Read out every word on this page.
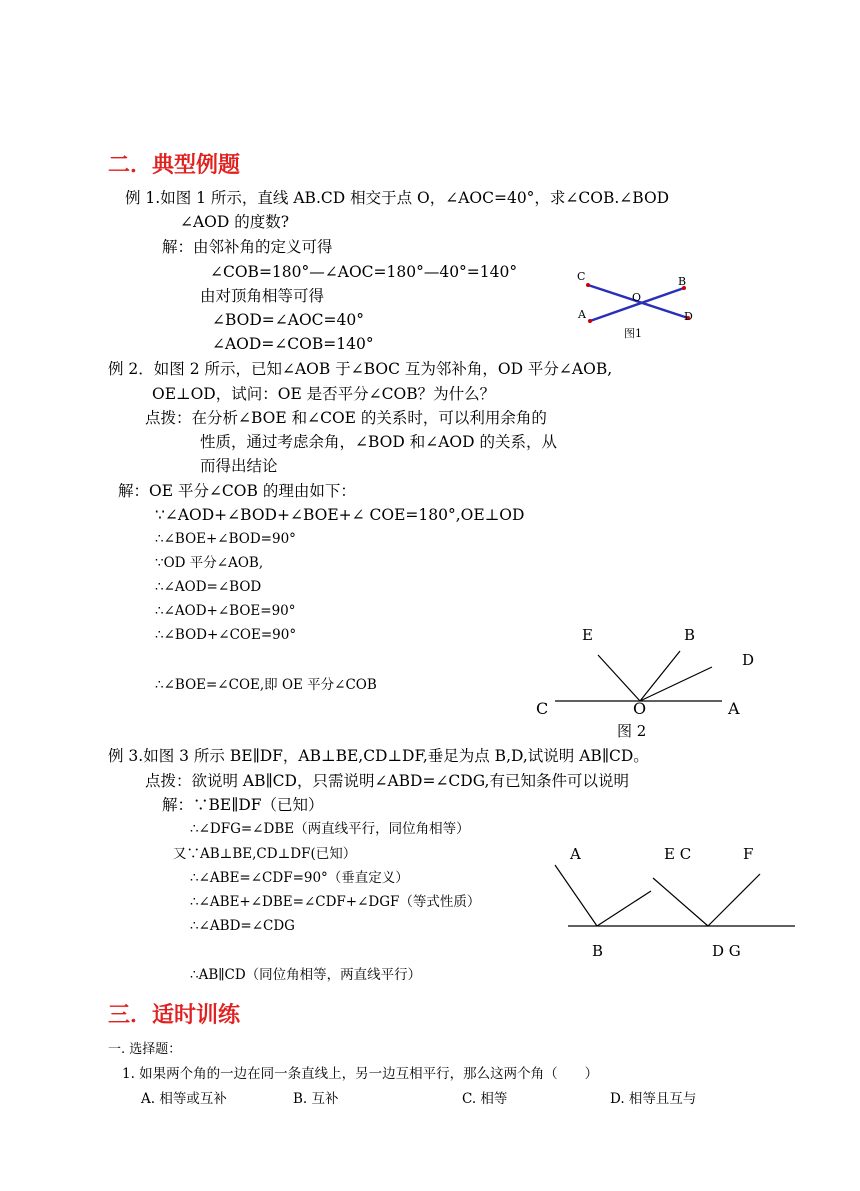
二．典型例题
例 1.如图 1 所示，直线 AB.CD 相交于点 O，∠AOC=40°，求∠COB.∠BOD
∠AOD 的度数?
解：由邻补角的定义可得
∠COB=180°—∠AOC=180°—40°=140°
由对顶角相等可得
∠BOD=∠AOC=40°
∠AOD=∠COB=140°
C	B
O
A	D
图1
例 2．如图 2 所示，已知∠AOB 于∠BOC 互为邻补角，OD 平分∠AOB,
OE⊥OD，试问：OE 是否平分∠COB？为什么？
点拨：在分析∠BOE 和∠COE 的关系时，可以利用余角的
性质，通过考虑余角，∠BOD 和∠AOD 的关系，从
而得出结论
解：OE 平分∠COB 的理由如下：
∵∠AOD+∠BOD+∠BOE+∠ COE=180°,OE⊥OD
∴∠BOE+∠BOD=90°
∵OD 平分∠AOB,
∴∠AOD=∠BOD
∴∠AOD+∠BOE=90°
∴∠BOD+∠COE=90°
∴∠BOE=∠COE,即 OE 平分∠COB
E	B
D
C	O	A
图 2
例 3.如图 3 所示 BE∥DF，AB⊥BE,CD⊥DF,垂足为点 B,D,试说明 AB∥CD。
点拨：欲说明 AB∥CD，只需说明∠ABD=∠CDG,有已知条件可以说明
解：∵BE∥DF（已知）
∴∠DFG=∠DBE（两直线平行，同位角相等）
又∵AB⊥BE,CD⊥DF(已知）
∴∠ABE=∠CDF=90°（垂直定义）
∴∠ABE+∠DBE=∠CDF+∠DGF（等式性质）
∴∠ABD=∠CDG
∴AB∥CD（同位角相等，两直线平行）
A	E C	F
B	D G
三．适时训练
一. 选择题：
1. 如果两个角的一边在同一条直线上，另一边互相平行，那么这两个角（　　）
A. 相等或互补	B. 互补	C. 相等	D. 相等且互与
